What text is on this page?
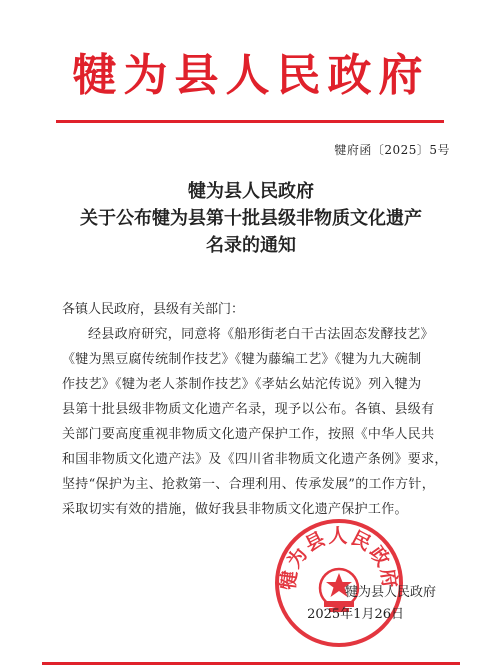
犍为县人民政府
犍府函〔2025〕5号
犍为县人民政府
关于公布犍为县第十批县级非物质文化遗产
名录的通知
各镇人民政府，县级有关部门：
经县政府研究，同意将《船形街老白干古法固态发酵技艺》
《犍为黑豆腐传统制作技艺》《犍为藤编工艺》《犍为九大碗制
作技艺》《犍为老人茶制作技艺》《孝姑幺姑沱传说》列入犍为
县第十批县级非物质文化遗产名录，现予以公布。各镇、县级有
关部门要高度重视非物质文化遗产保护工作，按照《中华人民共
和国非物质文化遗产法》及《四川省非物质文化遗产条例》要求，
坚持“保护为主、抢救第一、合理利用、传承发展”的工作方针，
采取切实有效的措施，做好我县非物质文化遗产保护工作。
犍为县人民政府
犍为县人民政府
2025年1月26日
